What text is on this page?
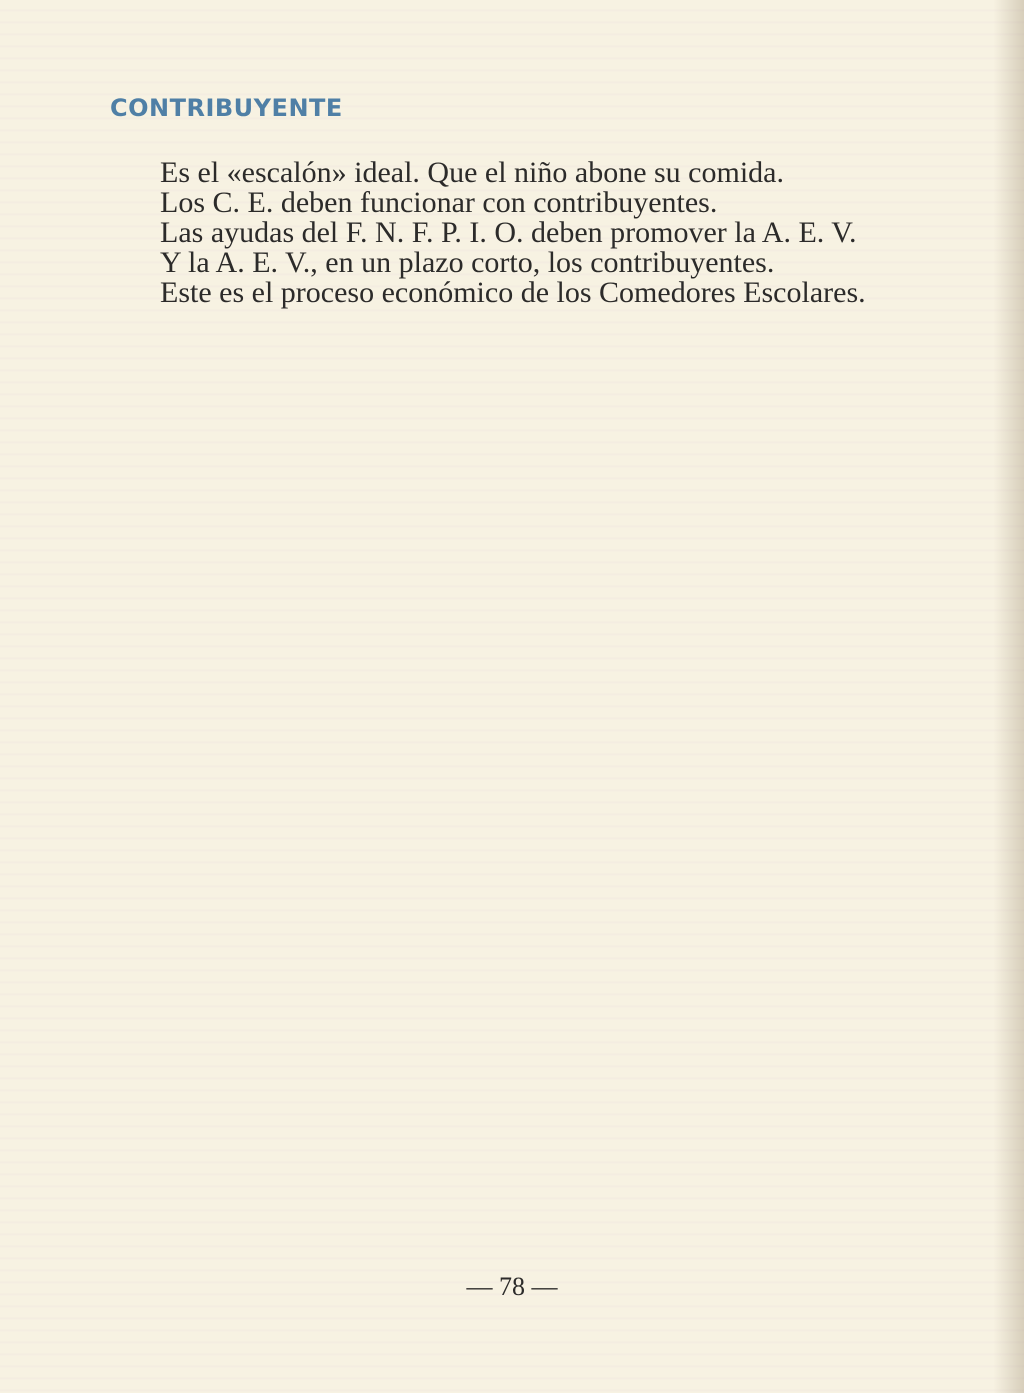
CONTRIBUYENTE

Es el «escalón» ideal. Que el niño abone su comida.

Los C. E. deben funcionar con contribuyentes.

Las ayudas del F. N. F. P. I. O. deben promover la A. E. V.

Y la A. E. V., en un plazo corto, los contribuyentes.

Este es el proceso económico de los Comedores Escolares.

— 78 —
